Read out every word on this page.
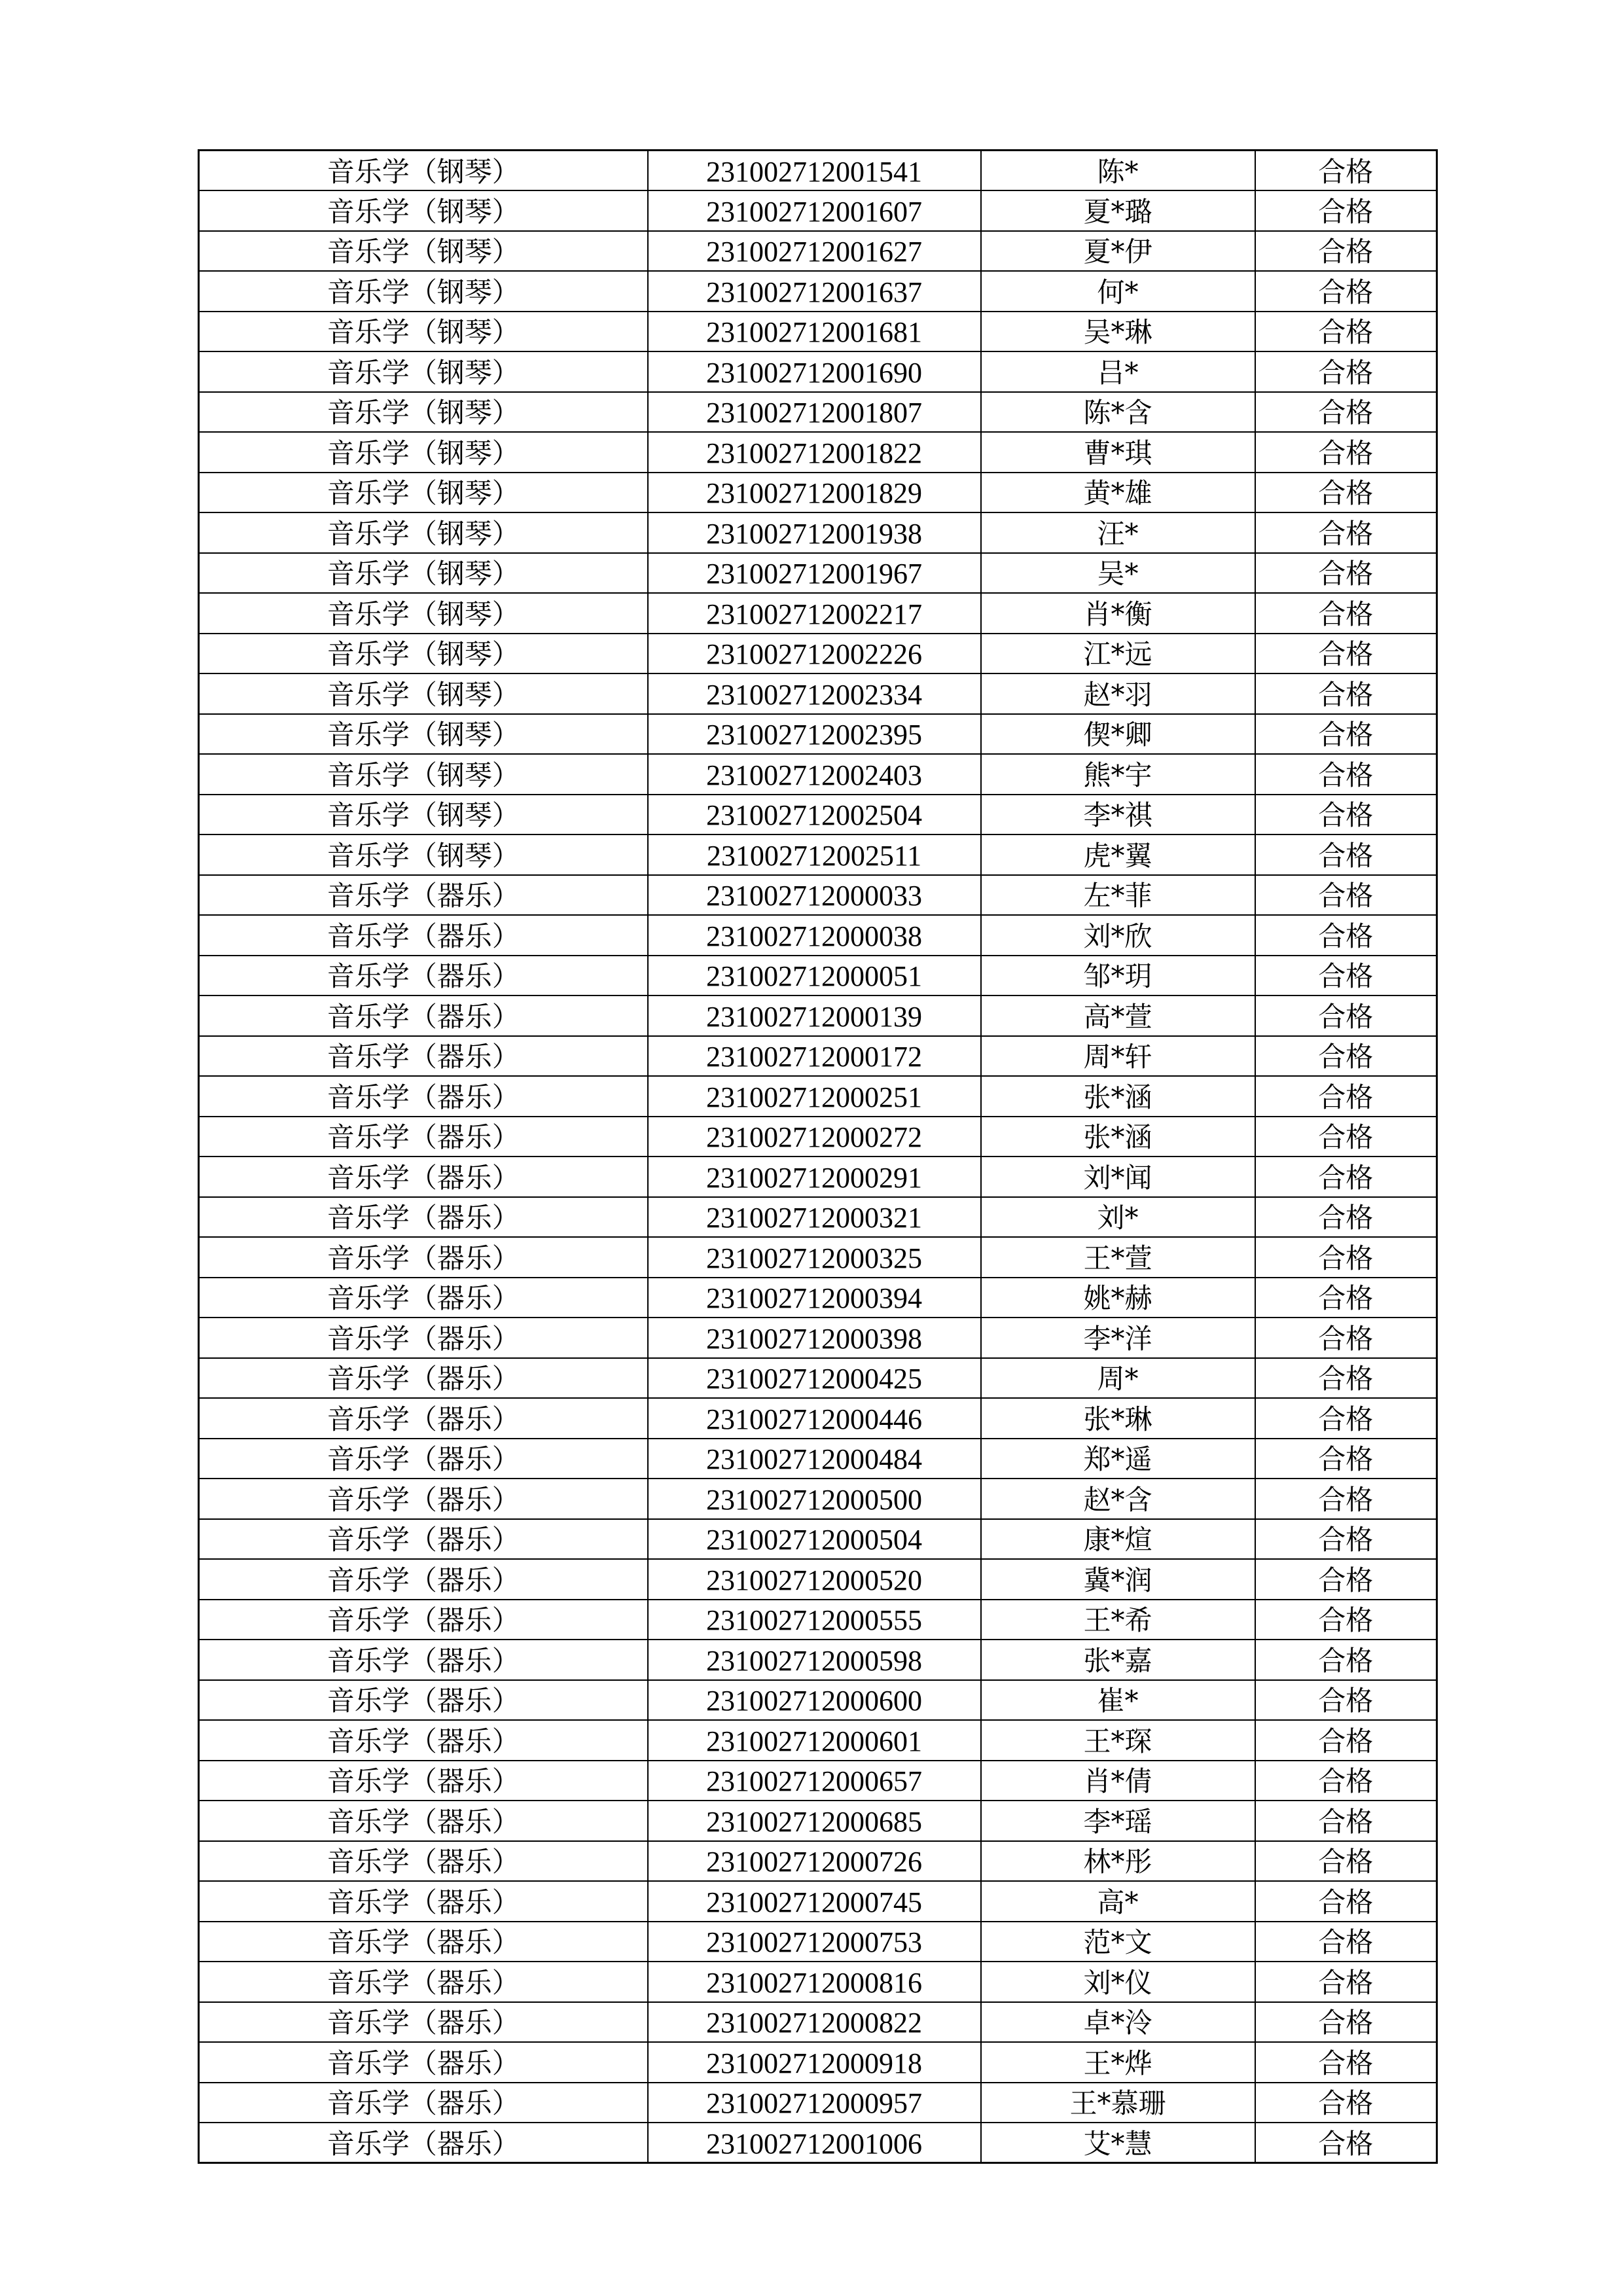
音乐学（钢琴）	231002712001541	陈*	合格
音乐学（钢琴）	231002712001607	夏*璐	合格
音乐学（钢琴）	231002712001627	夏*伊	合格
音乐学（钢琴）	231002712001637	何*	合格
音乐学（钢琴）	231002712001681	吴*琳	合格
音乐学（钢琴）	231002712001690	吕*	合格
音乐学（钢琴）	231002712001807	陈*含	合格
音乐学（钢琴）	231002712001822	曹*琪	合格
音乐学（钢琴）	231002712001829	黄*雄	合格
音乐学（钢琴）	231002712001938	汪*	合格
音乐学（钢琴）	231002712001967	吴*	合格
音乐学（钢琴）	231002712002217	肖*衡	合格
音乐学（钢琴）	231002712002226	江*远	合格
音乐学（钢琴）	231002712002334	赵*羽	合格
音乐学（钢琴）	231002712002395	偰*卿	合格
音乐学（钢琴）	231002712002403	熊*宇	合格
音乐学（钢琴）	231002712002504	李*祺	合格
音乐学（钢琴）	231002712002511	虎*翼	合格
音乐学（器乐）	231002712000033	左*菲	合格
音乐学（器乐）	231002712000038	刘*欣	合格
音乐学（器乐）	231002712000051	邹*玥	合格
音乐学（器乐）	231002712000139	高*萱	合格
音乐学（器乐）	231002712000172	周*轩	合格
音乐学（器乐）	231002712000251	张*涵	合格
音乐学（器乐）	231002712000272	张*涵	合格
音乐学（器乐）	231002712000291	刘*闻	合格
音乐学（器乐）	231002712000321	刘*	合格
音乐学（器乐）	231002712000325	王*萱	合格
音乐学（器乐）	231002712000394	姚*赫	合格
音乐学（器乐）	231002712000398	李*洋	合格
音乐学（器乐）	231002712000425	周*	合格
音乐学（器乐）	231002712000446	张*琳	合格
音乐学（器乐）	231002712000484	郑*遥	合格
音乐学（器乐）	231002712000500	赵*含	合格
音乐学（器乐）	231002712000504	康*煊	合格
音乐学（器乐）	231002712000520	冀*润	合格
音乐学（器乐）	231002712000555	王*希	合格
音乐学（器乐）	231002712000598	张*嘉	合格
音乐学（器乐）	231002712000600	崔*	合格
音乐学（器乐）	231002712000601	王*琛	合格
音乐学（器乐）	231002712000657	肖*倩	合格
音乐学（器乐）	231002712000685	李*瑶	合格
音乐学（器乐）	231002712000726	林*彤	合格
音乐学（器乐）	231002712000745	高*	合格
音乐学（器乐）	231002712000753	范*文	合格
音乐学（器乐）	231002712000816	刘*仪	合格
音乐学（器乐）	231002712000822	卓*泠	合格
音乐学（器乐）	231002712000918	王*烨	合格
音乐学（器乐）	231002712000957	王*慕珊	合格
音乐学（器乐）	231002712001006	艾*慧	合格
